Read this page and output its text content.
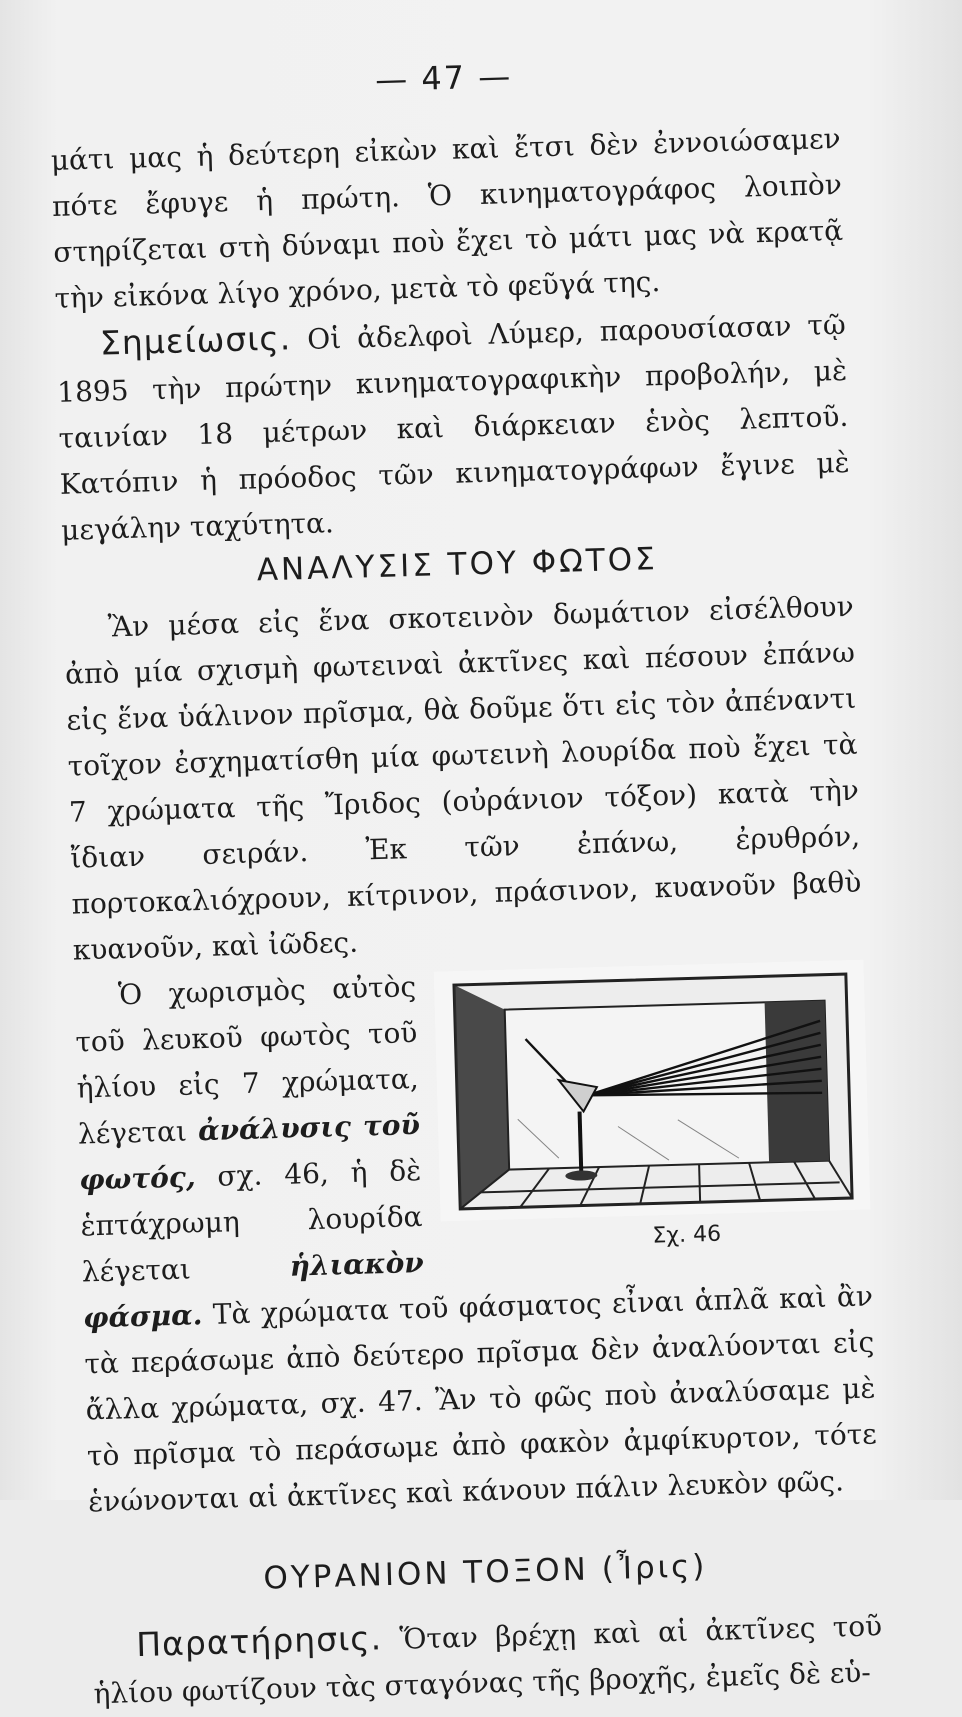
— 47 —

μάτι μας ἡ δεύτερη εἰκὼν καὶ ἔτσι δὲν ἐννοιώσαμεν πότε ἔφυγε ἡ πρώτη. Ὁ κινηματογράφος λοιπὸν στηρίζεται στὴ δύναμι ποὺ ἔχει τὸ μάτι μας νὰ κρατᾷ τὴν εἰκόνα λίγο χρόνο, μετὰ τὸ φεῦγά της.

Σημείωσις. Οἱ ἀδελφοὶ Λύμερ, παρουσίασαν τῷ 1895 τὴν πρώτην κινηματογραφικὴν προβολήν, μὲ ταινίαν 18 μέτρων καὶ διάρκειαν ἑνὸς λεπτοῦ. Κατόπιν ἡ πρόοδος τῶν κινηματογράφων ἔγινε μὲ μεγάλην ταχύτητα.

ΑΝΑΛΥΣΙΣ ΤΟΥ ΦΩΤΟΣ

Ἂν μέσα εἰς ἕνα σκοτεινὸν δωμάτιον εἰσέλθουν ἀπὸ μία σχισμὴ φωτειναὶ ἀκτῖνες καὶ πέσουν ἐπάνω εἰς ἕνα ὑάλινον πρῖσμα, θὰ δοῦμε ὅτι εἰς τὸν ἀπέναντι τοῖχον ἐσχηματίσθη μία φωτεινὴ λουρίδα ποὺ ἔχει τὰ 7 χρώματα τῆς Ἴριδος (οὐράνιον τόξον) κατὰ τὴν ἴδιαν σειράν. Ἐκ τῶν ἐπάνω, ἐρυθρόν, πορτοκαλιόχρουν, κίτρινον, πράσινον, κυανοῦν βαθὺ κυανοῦν, καὶ ἰῶδες.

Σχ. 46

Ὁ χωρισμὸς αὐτὸς τοῦ λευκοῦ φωτὸς τοῦ ἡλίου εἰς 7 χρώματα, λέγεται ἀνάλυσις τοῦ φωτός, σχ. 46, ἡ δὲ ἑπτάχρωμη λουρίδα λέγεται ἡλιακὸν φάσμα. Τὰ χρώματα τοῦ φάσματος εἶναι ἁπλᾶ καὶ ἂν τὰ περάσωμε ἀπὸ δεύτερο πρῖσμα δὲν ἀναλύονται εἰς ἄλλα χρώματα, σχ. 47. Ἂν τὸ φῶς ποὺ ἀναλύσαμε μὲ τὸ πρῖσμα τὸ περάσωμε ἀπὸ φακὸν ἀμφίκυρτον, τότε ἑνώνονται αἱ ἀκτῖνες καὶ κάνουν πάλιν λευκὸν φῶς.

ΟΥΡΑΝΙΟΝ ΤΟΞΟΝ (Ἶρις)

Παρατήρησις. Ὅταν βρέχῃ καὶ αἱ ἀκτῖνες τοῦ ἡλίου φωτίζουν τὰς σταγόνας τῆς βροχῆς, ἐμεῖς δὲ εὑ-
